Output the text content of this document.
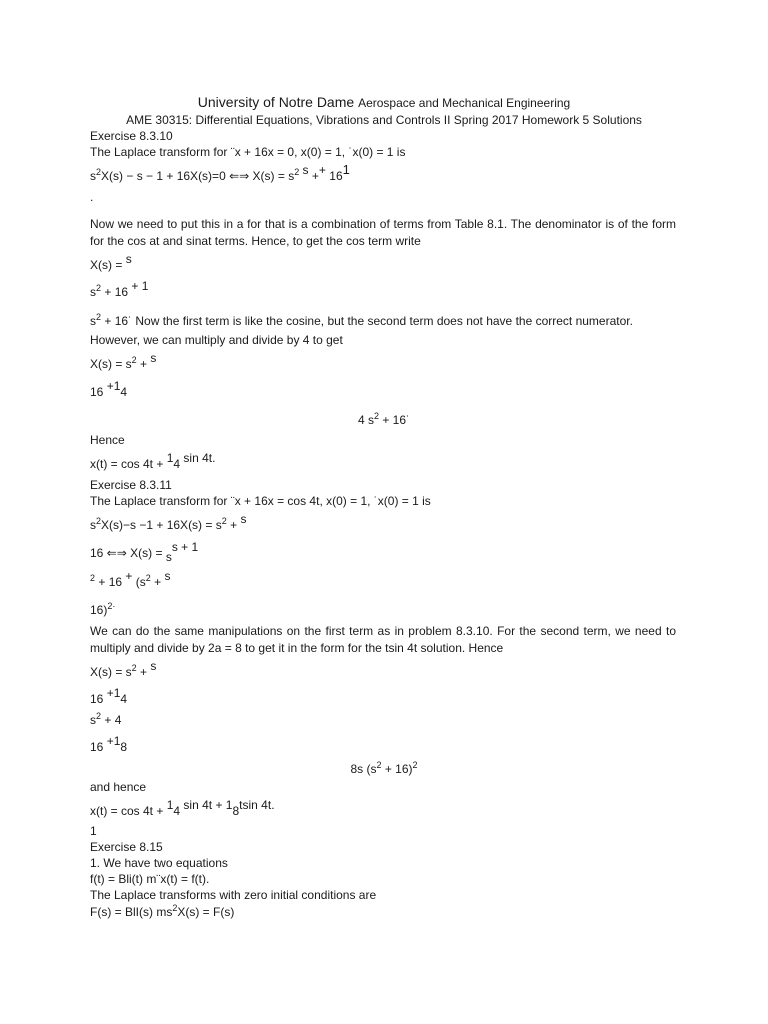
University of Notre Dame Aerospace and Mechanical Engineering
AME 30315: Differential Equations, Vibrations and Controls II Spring 2017 Homework 5 Solutions
Exercise 8.3.10
The Laplace transform for ¨x + 16x = 0, x(0) = 1, ˙x(0) = 1 is
$s^2X(s) - s - 1 + 16X(s)=0$ ⇐⇒ $X(s) = s^2$ s ++ 161
.
Now we need to put this in a for that is a combination of terms from Table 8.1. The denominator is of the form for the cos at and sinat terms. Hence, to get the cos term write
X(s) = s
$s^2 + 16 + 1$
$s^2$ + 16˙ Now the first term is like the cosine, but the second term does not have the correct numerator.
However, we can multiply and divide by 4 to get
$X(s) = s^2 + s$
16 +14
4 $s^2$ + 16˙
Hence
x(t) = cos 4t + 14 sin 4t.
Exercise 8.3.11
The Laplace transform for ¨x + 16x = cos 4t, x(0) = 1, ˙x(0) = 1 is
$s^2X(s)-s -1 + 16X(s) = s^2 + s$
16 ⇐⇒ X(s) = ss + 1
$^2 + 16 + (s^2 + s$
16)$^{2\cdot}$
We can do the same manipulations on the first term as in problem 8.3.10. For the second term, we need to multiply and divide by 2a = 8 to get it in the form for the tsin 4t solution. Hence
$X(s) = s^2 + s$
16 +14
$s^2 + 4$
16 +18
8s $(s^2 + 16)^2$
and hence
x(t) = cos 4t + 14 sin 4t + 18tsin 4t.
1
Exercise 8.15
1. We have two equations
f(t) = Bli(t) m¨x(t) = f(t).
The Laplace transforms with zero initial conditions are
F(s) = BlI(s) $ms^2X(s) = F(s)$
